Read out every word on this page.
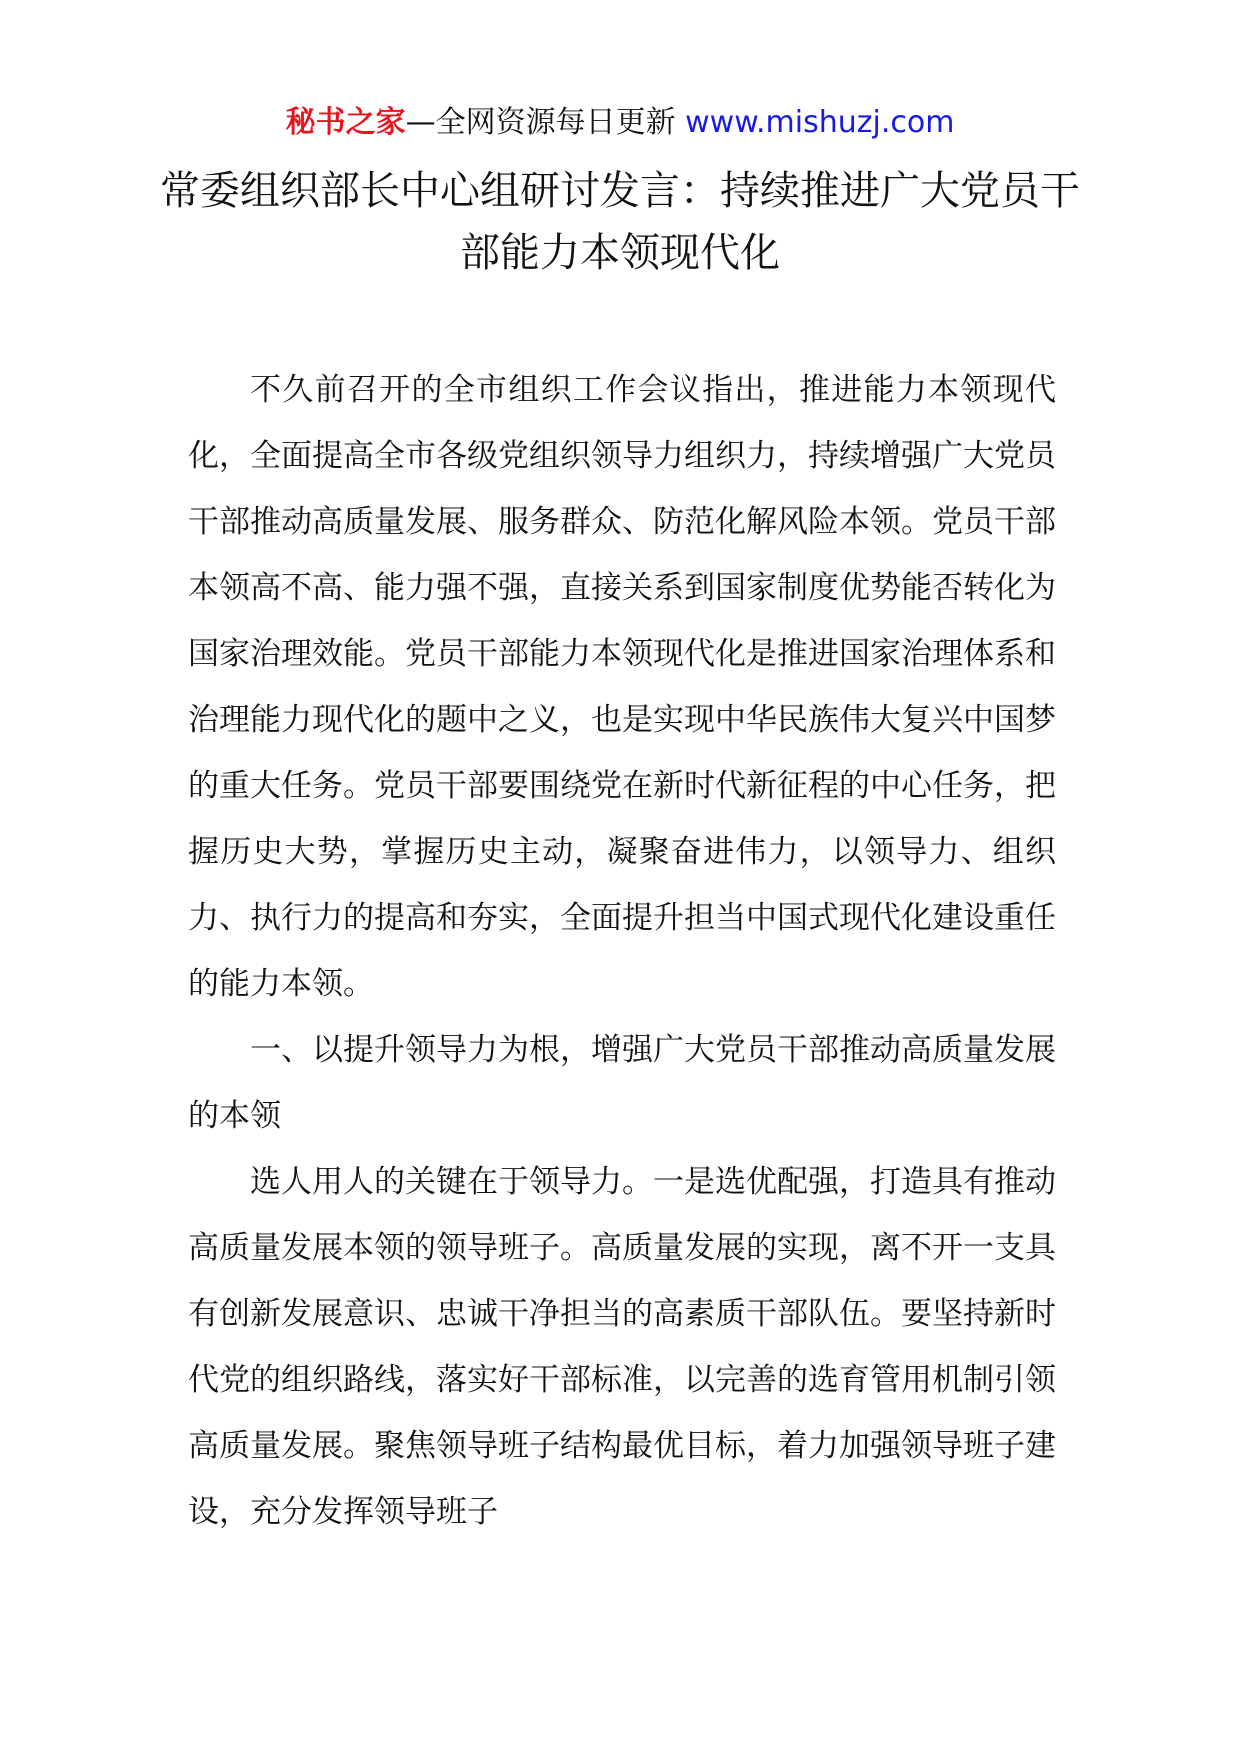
秘书之家—全网资源每日更新 www.mishuzj.com
常委组织部长中心组研讨发言：持续推进广大党员干部能力本领现代化

不久前召开的全市组织工作会议指出，推进能力本领现代化，全面提高全市各级党组织领导力组织力，持续增强广大党员干部推动高质量发展、服务群众、防范化解风险本领。党员干部本领高不高、能力强不强，直接关系到国家制度优势能否转化为国家治理效能。党员干部能力本领现代化是推进国家治理体系和治理能力现代化的题中之义，也是实现中华民族伟大复兴中国梦的重大任务。党员干部要围绕党在新时代新征程的中心任务，把握历史大势，掌握历史主动，凝聚奋进伟力，以领导力、组织力、执行力的提高和夯实，全面提升担当中国式现代化建设重任的能力本领。

一、以提升领导力为根，增强广大党员干部推动高质量发展的本领

选人用人的关键在于领导力。一是选优配强，打造具有推动高质量发展本领的领导班子。高质量发展的实现，离不开一支具有创新发展意识、忠诚干净担当的高素质干部队伍。要坚持新时代党的组织路线，落实好干部标准，以完善的选育管用机制引领高质量发展。聚焦领导班子结构最优目标，着力加强领导班子建设，充分发挥领导班子
